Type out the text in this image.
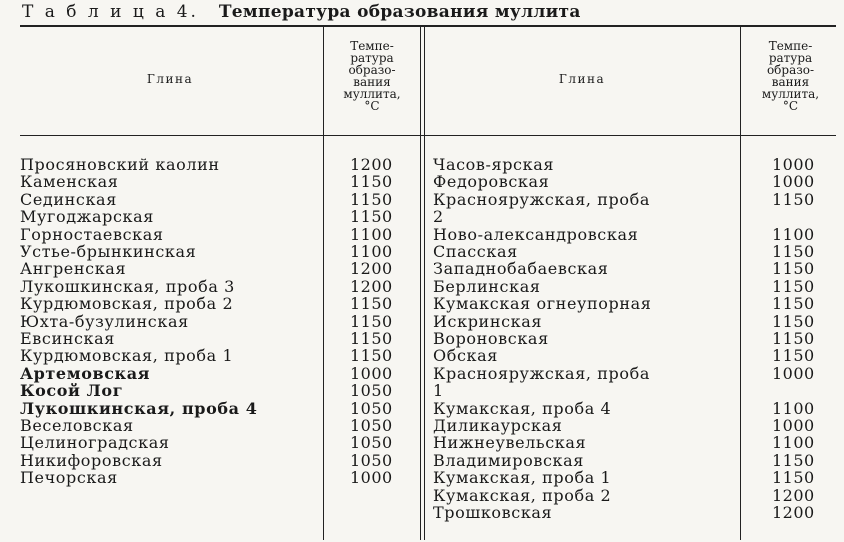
Т а б л и ц а 4. Температура образования муллита
Глина
Темпе-
ратура
образо-
вания
муллита,
°С
Глина
Темпе-
ратура
образо-
вания
муллита,
°С
Просяновский каолин
Каменская
Сединская
Мугоджарская
Горностаевская
Устье-брынкинская
Ангренская
Лукошкинская, проба 3
Курдюмовская, проба 2
Юхта-бузулинская
Евсинская
Курдюмовская, проба 1
Артемовская
Косой Лог
Лукошкинская, проба 4
Веселовская
Целиноградская
Никифоровская
Печорская
1200
1150
1150
1150
1100
1100
1200
1200
1150
1150
1150
1150
1000
1050
1050
1050
1050
1050
1000
Часов-ярская
Федоровская
Краснояружская, проба
2
Ново-александровская
Спасская
Западнобабаевская
Берлинская
Кумакская огнеупорная
Искринская
Вороновская
Обская
Краснояружская, проба
1
Кумакская, проба 4
Диликаурская
Нижнеувельская
Владимировская
Кумакская, проба 1
Кумакская, проба 2
Трошковская
1000
1000
1150
1100
1150
1150
1150
1150
1150
1150
1150
1000
1100
1000
1100
1150
1150
1200
1200
